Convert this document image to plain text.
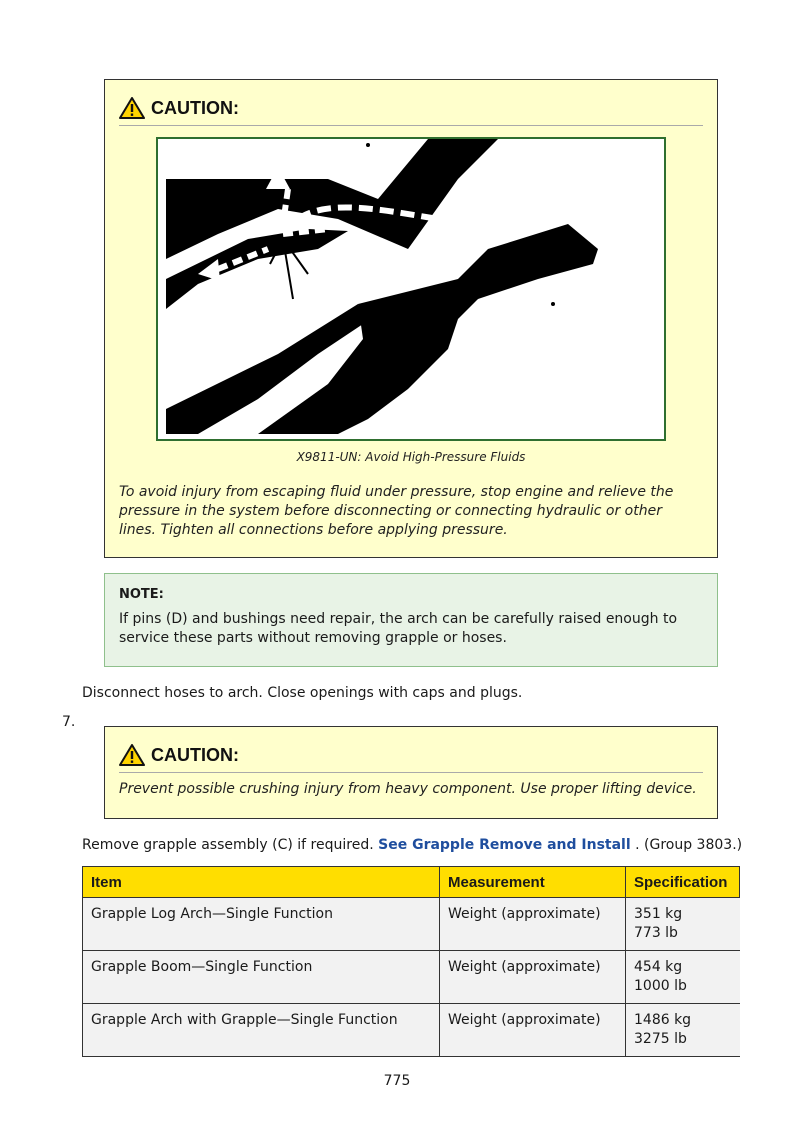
CAUTION:
X9811-UN: Avoid High-Pressure Fluids
To avoid injury from escaping fluid under pressure, stop engine and relieve the pressure in the system before disconnecting or connecting hydraulic or other lines. Tighten all connections before applying pressure.
NOTE:
If pins (D) and bushings need repair, the arch can be carefully raised enough to service these parts without removing grapple or hoses.
Disconnect hoses to arch. Close openings with caps and plugs.
7.
CAUTION:
Prevent possible crushing injury from heavy component. Use proper lifting device.
Remove grapple assembly (C) if required. See Grapple Remove and Install . (Group 3803.)
Item	Measurement	Specification
Grapple Log Arch—Single Function	Weight (approximate)	351 kg
773 lb

Grapple Boom—Single Function	Weight (approximate)	454 kg
1000 lb

Grapple Arch with Grapple—Single Function	Weight (approximate)	1486 kg
3275 lb
775
